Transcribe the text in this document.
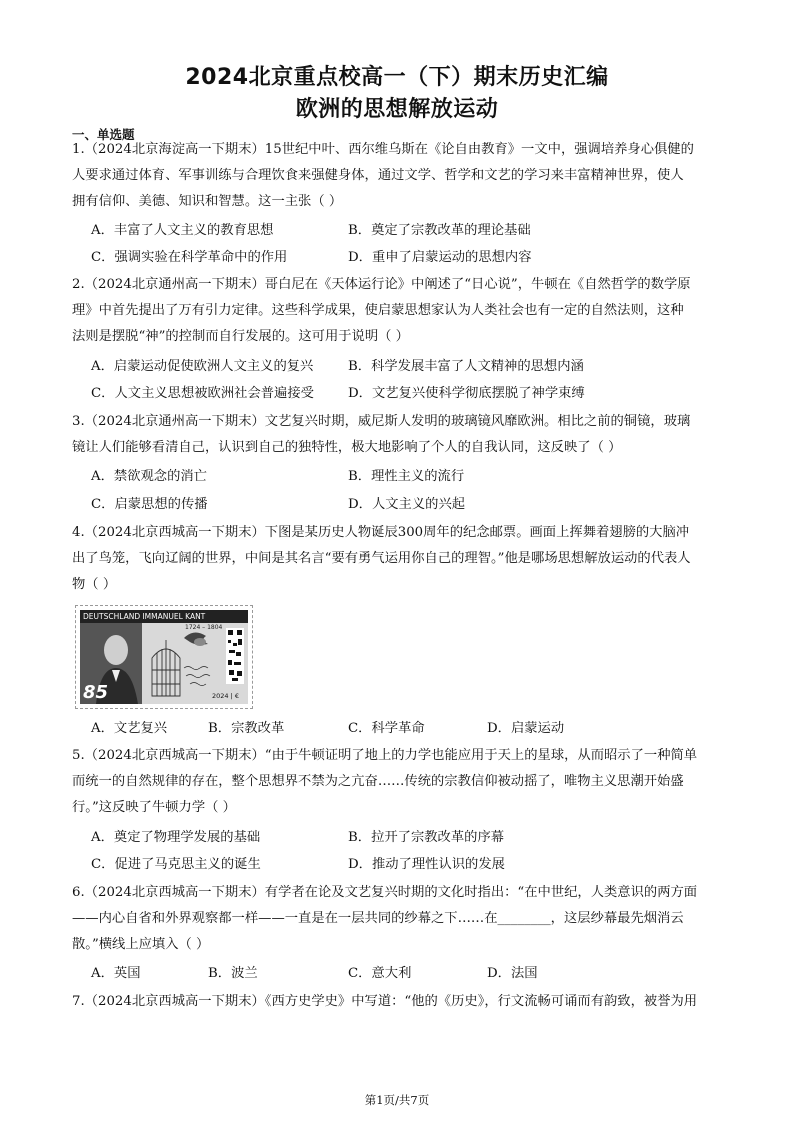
2024北京重点校高一（下）期末历史汇编
欧洲的思想解放运动
一、单选题
1.（2024北京海淀高一下期末）15世纪中叶、西尔维乌斯在《论自由教育》一文中，强调培养身心俱健的
人要求通过体育、军事训练与合理饮食来强健身体，通过文学、哲学和文艺的学习来丰富精神世界，使人
拥有信仰、美德、知识和智慧。这一主张（ ）
A．丰富了人文主义的教育思想	B．奠定了宗教改革的理论基础
C．强调实验在科学革命中的作用	D．重申了启蒙运动的思想内容
2.（2024北京通州高一下期末）哥白尼在《天体运行论》中阐述了“日心说”，牛顿在《自然哲学的数学原
理》中首先提出了万有引力定律。这些科学成果，使启蒙思想家认为人类社会也有一定的自然法则，这种
法则是摆脱“神”的控制而自行发展的。这可用于说明（ ）
A．启蒙运动促使欧洲人文主义的复兴	B．科学发展丰富了人文精神的思想内涵
C．人文主义思想被欧洲社会普遍接受	D．文艺复兴使科学彻底摆脱了神学束缚
3.（2024北京通州高一下期末）文艺复兴时期，威尼斯人发明的玻璃镜风靡欧洲。相比之前的铜镜，玻璃
镜让人们能够看清自己，认识到自己的独特性，极大地影响了个人的自我认同，这反映了（ ）
A．禁欲观念的消亡	B．理性主义的流行
C．启蒙思想的传播	D．人文主义的兴起
4.（2024北京西城高一下期末）下图是某历史人物诞辰300周年的纪念邮票。画面上挥舞着翅膀的大脑冲
出了鸟笼，飞向辽阔的世界，中间是其名言“要有勇气运用你自己的理智。”他是哪场思想解放运动的代表人
物（ ）
DEUTSCHLAND IMMANUEL KANT
1724 – 1804
85	2024 | €
A．文艺复兴	B．宗教改革	C．科学革命	D．启蒙运动
5.（2024北京西城高一下期末）“由于牛顿证明了地上的力学也能应用于天上的星球，从而昭示了一种简单
而统一的自然规律的存在，整个思想界不禁为之亢奋……传统的宗教信仰被动摇了，唯物主义思潮开始盛
行。”这反映了牛顿力学（ ）
A．奠定了物理学发展的基础	B．拉开了宗教改革的序幕
C．促进了马克思主义的诞生	D．推动了理性认识的发展
6.（2024北京西城高一下期末）有学者在论及文艺复兴时期的文化时指出：“在中世纪，人类意识的两方面
——内心自省和外界观察都一样——一直是在一层共同的纱幕之下……在________，这层纱幕最先烟消云
散。”横线上应填入（ ）
A．英国	B．波兰	C．意大利	D．法国
7.（2024北京西城高一下期末）《西方史学史》中写道：“他的《历史》，行文流畅可诵而有韵致，被誉为用
第1页/共7页
